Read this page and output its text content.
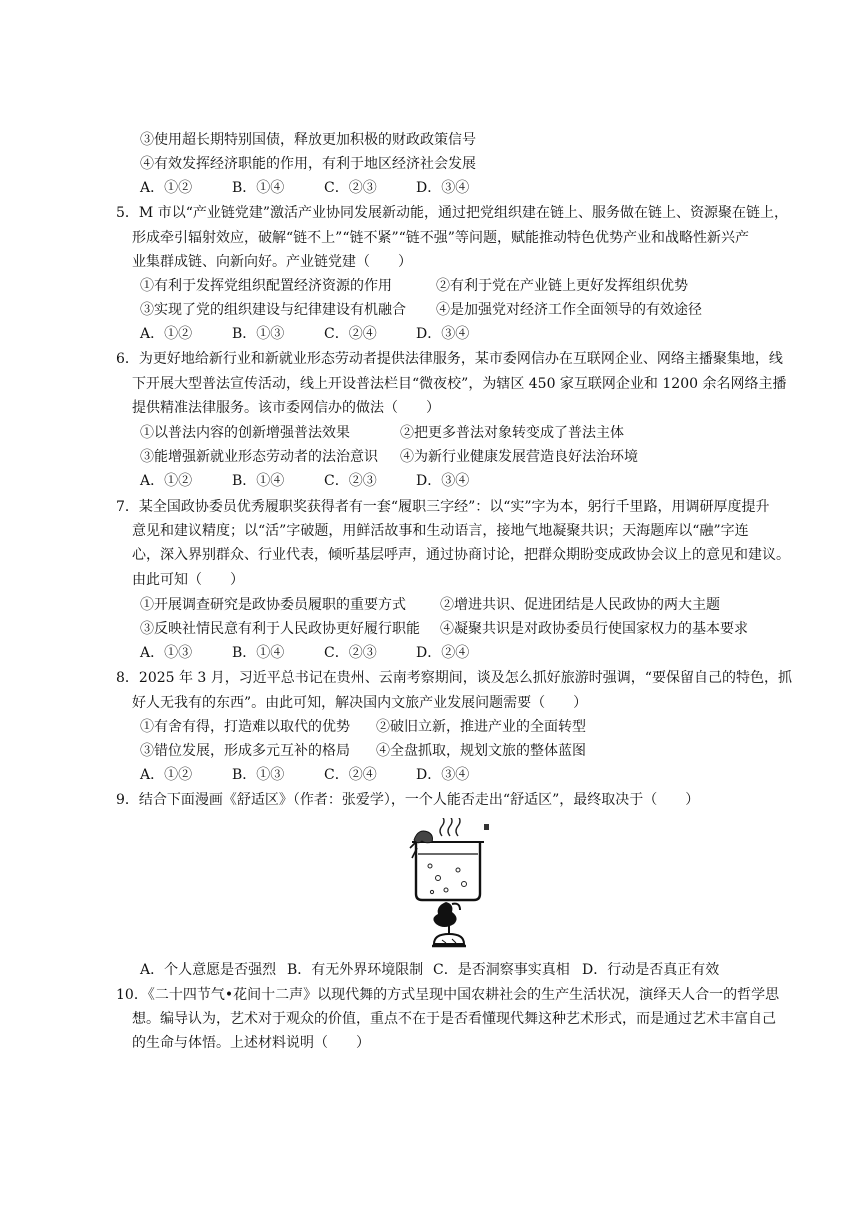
③使用超长期特别国债，释放更加积极的财政政策信号
④有效发挥经济职能的作用，有利于地区经济社会发展
A．①②	B．①④	C．②③	D．③④
5．M 市以“产业链党建”激活产业协同发展新动能，通过把党组织建在链上、服务做在链上、资源聚在链上，
形成牵引辐射效应，破解“链不上”“链不紧”“链不强”等问题，赋能推动特色优势产业和战略性新兴产
业集群成链、向新向好。产业链党建（　　）
①有利于发挥党组织配置经济资源的作用	②有利于党在产业链上更好发挥组织优势
③实现了党的组织建设与纪律建设有机融合 ④是加强党对经济工作全面领导的有效途径
A．①②	B．①③	C．②④	D．③④
6．为更好地给新行业和新就业形态劳动者提供法律服务，某市委网信办在互联网企业、网络主播聚集地，线
下开展大型普法宣传活动，线上开设普法栏目“微夜校”，为辖区 450 家互联网企业和 1200 余名网络主播
提供精准法律服务。该市委网信办的做法（　　）
①以普法内容的创新增强普法效果	②把更多普法对象转变成了普法主体
③能增强新就业形态劳动者的法治意识 ④为新行业健康发展营造良好法治环境
A．①②	B．①④	C．②③	D．③④
7．某全国政协委员优秀履职奖获得者有一套“履职三字经”：以“实”字为本，躬行千里路，用调研厚度提升
意见和建议精度；以“活”字破题，用鲜活故事和生动语言，接地气地凝聚共识；天海题库以“融”字连
心，深入界别群众、行业代表，倾听基层呼声，通过协商讨论，把群众期盼变成政协会议上的意见和建议。
由此可知（　　）
①开展调查研究是政协委员履职的重要方式 ②增进共识、促进团结是人民政协的两大主题
③反映社情民意有利于人民政协更好履行职能 ④凝聚共识是对政协委员行使国家权力的基本要求
A．①③	B．①④	C．②③	D．②④
8．2025 年 3 月，习近平总书记在贵州、云南考察期间，谈及怎么抓好旅游时强调，“要保留自己的特色，抓
好人无我有的东西”。由此可知，解决国内文旅产业发展问题需要（　　）
①有舍有得，打造难以取代的优势 ②破旧立新，推进产业的全面转型
③错位发展，形成多元互补的格局 ④全盘抓取，规划文旅的整体蓝图
A．①②	B．①③	C．②④	D．③④
9．结合下面漫画《舒适区》（作者：张爱学），一个人能否走出“舒适区”，最终取决于（　　）
A．个人意愿是否强烈 B．有无外界环境限制 C．是否洞察事实真相 D．行动是否真正有效
10．《二十四节气•花间十二声》以现代舞的方式呈现中国农耕社会的生产生活状况，演绎天人合一的哲学思
想。编导认为，艺术对于观众的价值，重点不在于是否看懂现代舞这种艺术形式，而是通过艺术丰富自己
的生命与体悟。上述材料说明（　　）
